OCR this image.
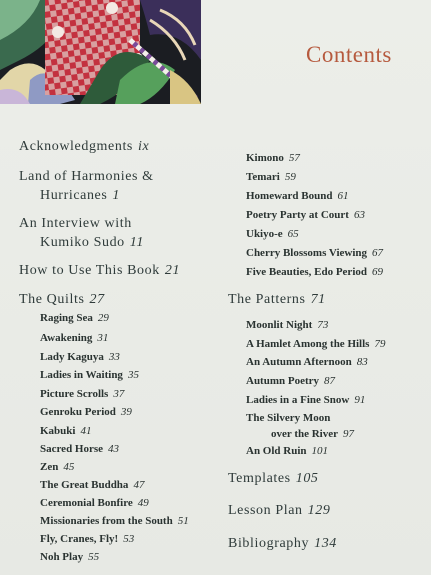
Contents
Acknowledgments ix
Land of Harmonies &
Hurricanes 1
An Interview with
Kumiko Sudo 11
How to Use This Book 21
The Quilts 27
Raging Sea 29
Awakening 31
Lady Kaguya 33
Ladies in Waiting 35
Picture Scrolls 37
Genroku Period 39
Kabuki 41
Sacred Horse 43
Zen 45
The Great Buddha 47
Ceremonial Bonfire 49
Missionaries from the South 51
Fly, Cranes, Fly! 53
Noh Play 55
Kimono 57
Temari 59
Homeward Bound 61
Poetry Party at Court 63
Ukiyo-e 65
Cherry Blossoms Viewing 67
Five Beauties, Edo Period 69
The Patterns 71
Moonlit Night 73
A Hamlet Among the Hills 79
An Autumn Afternoon 83
Autumn Poetry 87
Ladies in a Fine Snow 91
The Silvery Moon
over the River 97
An Old Ruin 101
Templates 105
Lesson Plan 129
Bibliography 134
